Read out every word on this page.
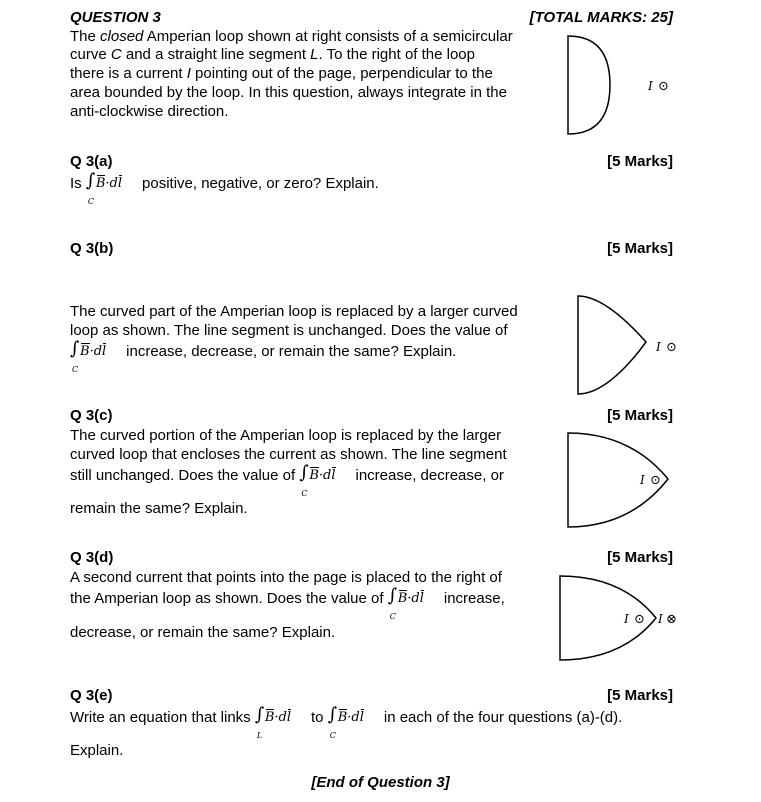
QUESTION 3	[TOTAL MARKS: 25]
The closed Amperian loop shown at right consists of a semicircular
curve C and a straight line segment L. To the right of the loop
there is a current I pointing out of the page, perpendicular to the
area bounded by the loop. In this question, always integrate in the
anti-clockwise direction.
I ⊙
Q 3(a)	[5 Marks]
Is ∫ B·dl
C
positive, negative, or zero? Explain.
Q 3(b)	[5 Marks]
The curved part of the Amperian loop is replaced by a larger curved
loop as shown. The line segment is unchanged. Does the value of
∫ B·dl
C
increase, decrease, or remain the same? Explain.	I ⊙
Q 3(c)	[5 Marks]
The curved portion of the Amperian loop is replaced by the larger
curved loop that encloses the current as shown. The line segment
still unchanged. Does the value of ∫ B·dl
C
increase, decrease, or
remain the same? Explain.
I ⊙
Q 3(d)	[5 Marks]
A second current that points into the page is placed to the right of
the Amperian loop as shown. Does the value of ∫ B·dl
C
increase,
decrease, or remain the same? Explain.
I ⊙ I ⊗
Q 3(e)	[5 Marks]
Write an equation that links ∫ B·dl
L
to ∫ B·dl
C
in each of the four questions (a)-(d).
Explain.
[End of Question 3]
